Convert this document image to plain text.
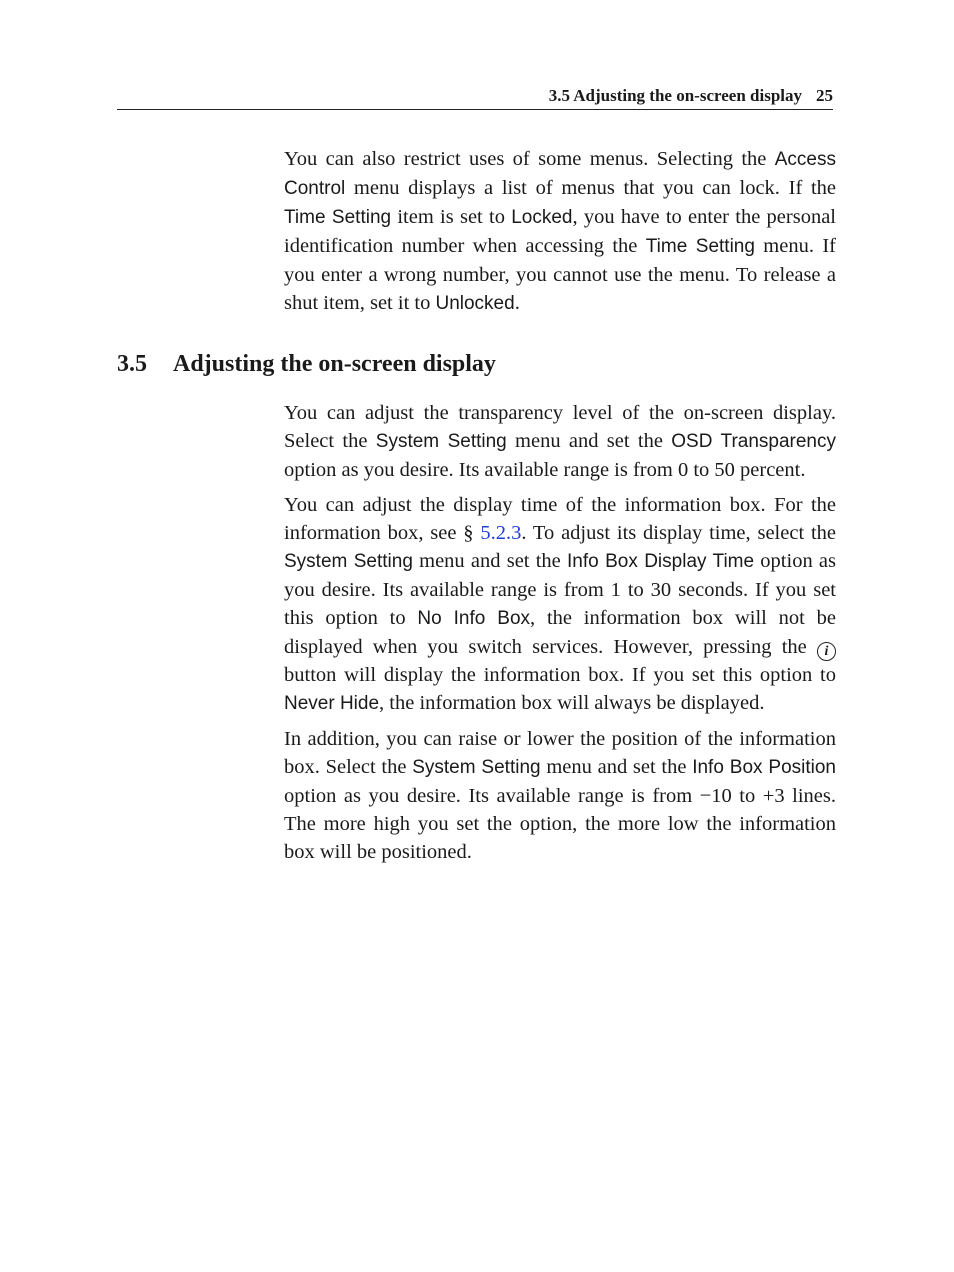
3.5 Adjusting the on-screen display 25

You can also restrict uses of some menus. Selecting the Access Control menu displays a list of menus that you can lock. If the Time Setting item is set to Locked, you have to enter the personal identification number when accessing the Time Setting menu. If you enter a wrong number, you cannot use the menu. To release a shut item, set it to Unlocked.

3.5 Adjusting the on-screen display

You can adjust the transparency level of the on-screen display. Select the System Setting menu and set the OSD Transparency option as you desire. Its available range is from 0 to 50 percent.

You can adjust the display time of the information box. For the information box, see § 5.2.3. To adjust its display time, select the System Setting menu and set the Info Box Display Time option as you desire. Its available range is from 1 to 30 seconds. If you set this option to No Info Box, the information box will not be displayed when you switch services. However, pressing the i button will display the information box. If you set this option to Never Hide, the information box will always be displayed.

In addition, you can raise or lower the position of the information box. Select the System Setting menu and set the Info Box Position option as you desire. Its available range is from −10 to +3 lines. The more high you set the option, the more low the information box will be positioned.
